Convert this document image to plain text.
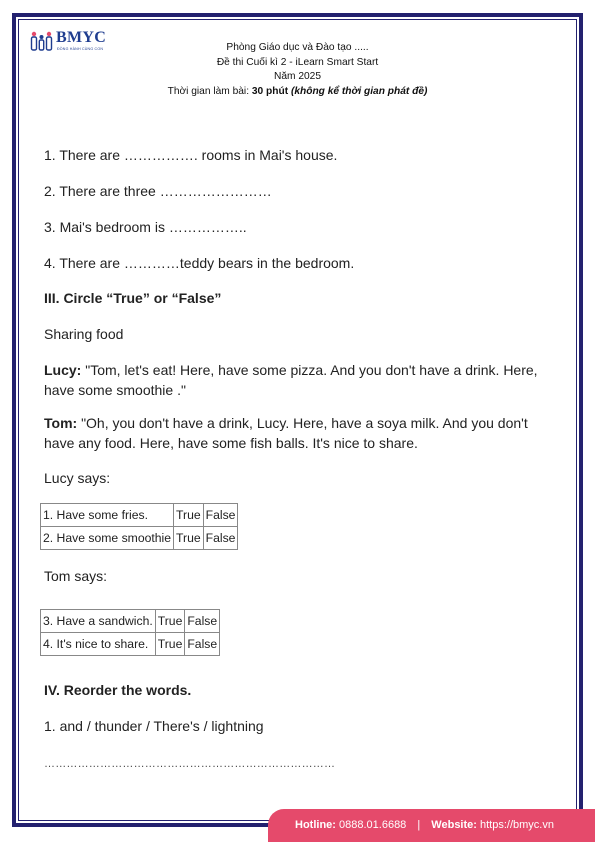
BMYC
ĐỒNG HÀNH CÙNG CON	Phòng Giáo dục và Đào tạo .....
Đề thi Cuối kì 2 - iLearn Smart Start
Năm 2025
Thời gian làm bài: 30 phút (không kể thời gian phát đề)
1. There are ……………. rooms in Mai's house.
2. There are three ……………………
3. Mai's bedroom is ……………..
4. There are …………teddy bears in the bedroom.
III. Circle “True” or “False”
Sharing food
Lucy: "Tom, let's eat! Here, have some pizza. And you don't have a drink. Here, have some smoothie ."
Tom: "Oh, you don't have a drink, Lucy. Here, have a soya milk. And you don't have any food. Here, have some fish balls. It's nice to share.
Lucy says:
1. Have some fries.	True	False
2. Have some smoothie	True	False
Tom says:
3. Have a sandwich.	True	False
4. It's nice to share.	True	False
IV. Reorder the words.
1. and / thunder / There's / lightning
……………………………………………………………………
Hotline: 0888.01.6688 | Website: https://bmyc.vn
